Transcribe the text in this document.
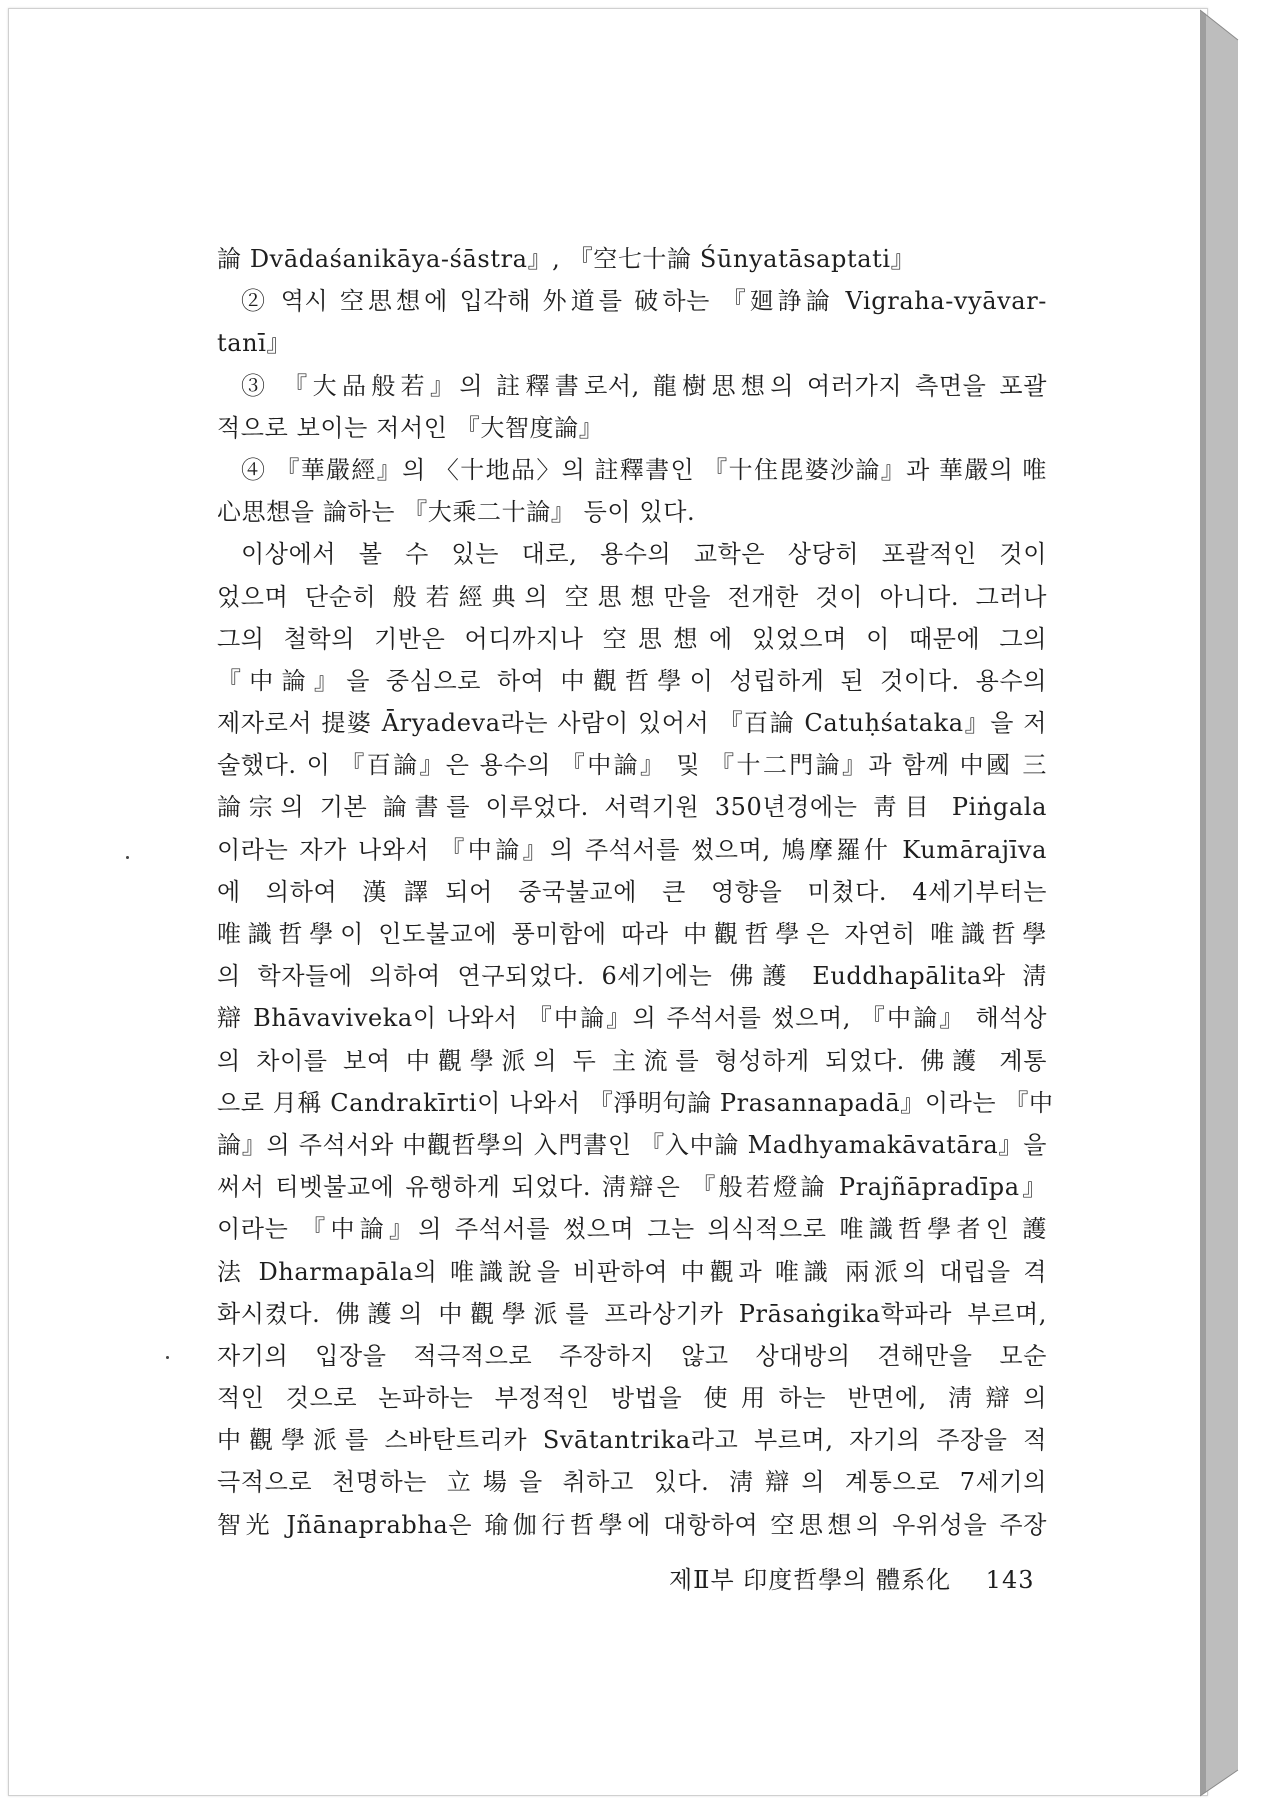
論 Dvādaśanikāya-śāstra』, 『空七十論 Śūnyatāsaptati』
② 역시 空思想에 입각해 外道를 破하는 『廻諍論 Vigraha-vyāvar-
tanī』
③ 『大品般若』의 註釋書로서, 龍樹思想의 여러가지 측면을 포괄
적으로 보이는 저서인 『大智度論』
④ 『華嚴經』의 〈十地品〉의 註釋書인 『十住毘婆沙論』과 華嚴의 唯
心思想을 論하는 『大乘二十論』 등이 있다.
이상에서 볼 수 있는 대로, 용수의 교학은 상당히 포괄적인 것이
었으며 단순히 般若經典의 空思想만을 전개한 것이 아니다. 그러나
그의 철학의 기반은 어디까지나 空思想에 있었으며 이 때문에 그의
『中論』을 중심으로 하여 中觀哲學이 성립하게 된 것이다. 용수의
제자로서 提婆 Āryadeva라는 사람이 있어서 『百論 Catuḥśataka』을 저
술했다. 이 『百論』은 용수의 『中論』 및 『十二門論』과 함께 中國 三
論宗의 기본 論書를 이루었다. 서력기원 350년경에는 靑目 Piṅgala
이라는 자가 나와서 『中論』의 주석서를 썼으며, 鳩摩羅什 Kumārajīva
에 의하여 漢譯되어 중국불교에 큰 영향을 미쳤다. 4세기부터는
唯識哲學이 인도불교에 풍미함에 따라 中觀哲學은 자연히 唯識哲學
의 학자들에 의하여 연구되었다. 6세기에는 佛護 Euddhapālita와 淸
辯 Bhāvaviveka이 나와서 『中論』의 주석서를 썼으며, 『中論』 해석상
의 차이를 보여 中觀學派의 두 主流를 형성하게 되었다. 佛護 계통
으로 月稱 Candrakīrti이 나와서 『淨明句論 Prasannapadā』이라는 『中
論』의 주석서와 中觀哲學의 入門書인 『入中論 Madhyamakāvatāra』을
써서 티벳불교에 유행하게 되었다. 淸辯은 『般若燈論 Prajñāpradīpa』
이라는 『中論』의 주석서를 썼으며 그는 의식적으로 唯識哲學者인 護
法 Dharmapāla의 唯識說을 비판하여 中觀과 唯識 兩派의 대립을 격
화시켰다. 佛護의 中觀學派를 프라상기카 Prāsaṅgika학파라 부르며,
자기의 입장을 적극적으로 주장하지 않고 상대방의 견해만을 모순
적인 것으로 논파하는 부정적인 방법을 使用하는 반면에, 淸辯의
中觀學派를 스바탄트리카 Svātantrika라고 부르며, 자기의 주장을 적
극적으로 천명하는 立場을 취하고 있다. 淸辯의 계통으로 7세기의
智光 Jñānaprabha은 瑜伽行哲學에 대항하여 空思想의 우위성을 주장
제Ⅱ부 印度哲學의 體系化 143
